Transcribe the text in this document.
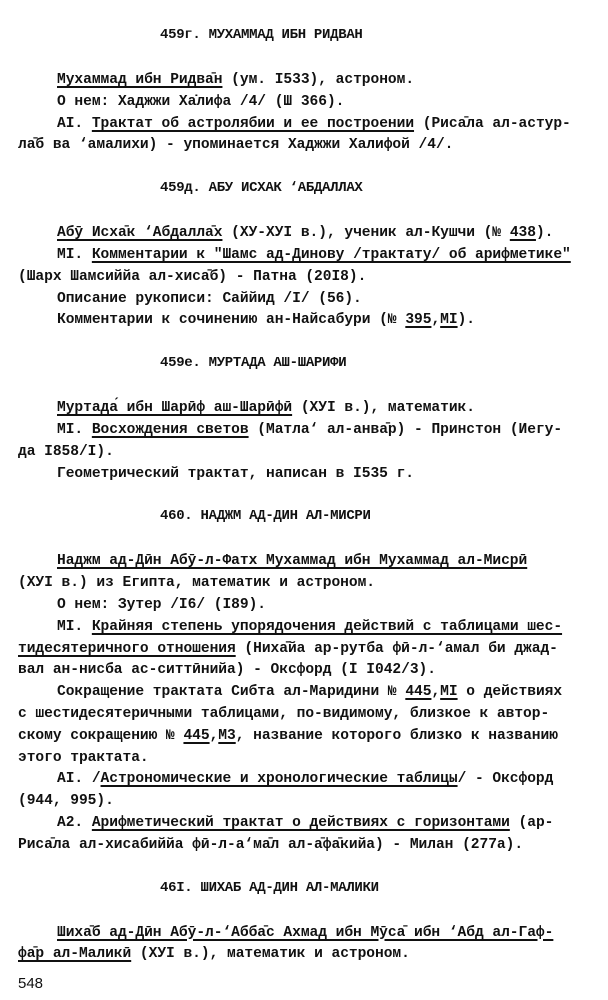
459г. МУХАММАД ИБН РИДВАН
Мухаммад ибн Ридва̄н (ум. I533), астроном.
О нем: Хаджжи Ха̇лифа /4/ (Ш 366).
AI. Трактат об астролябии и ее построении (Риса̄ла ал-астур-
ла̄б ва ‘амалихи) - упоминается Хаджжи Халифой /4/.
459д. АБУ ИСХАК ‘АБДАЛЛАХ
Абӯ Исха̄к ‘Абдалла̄х (ХУ-ХУI в.), ученик ал-Кушчи (№ 438).
MI. Комментарии к "Шамс ад-Динову /трактату/ об арифметике"
(Шарх Шамсиййа ал-хиса̄б) - Патна (20I8).
Описание рукописи: Саййид /I/ (56).
Комментарии к сочинению ан-Найсабури (№ 395,MI).
459е. МУРТАДА АШ-ШАРИФИ
Муртада́ ибн Шарӣф аш-Шарӣфӣ (ХУI в.), математик.
MI. Восхождения светов (Матла‘ ал-анва̄р) - Принстон (Иегу-
да I858/I).
Геометрический трактат, написан в I535 г.
460. НАДЖМ АД-ДИН АЛ-МИСРИ
Наджм ад-Дӣн Абӯ-л-Фатх Мухаммад ибн Мухаммад ал-Мисрӣ
(ХУI в.) из Египта, математик и астроном.
О нем: Зутер /I6/ (I89).
MI. Крайняя степень упорядочения действий с таблицами шес-
тидесятеричного отношения (Ниха̄йа ар-рутба фӣ-л-‘амал би джад-
вал ан-нисба ас-ситтӣнийа) - Оксфорд (I I042/3).
Сокращение трактата Сибта ал-Маридини № 445,MI о действиях
с шестидесятеричными таблицами, по-видимому, близкое к автор-
скому сокращению № 445,M3, название которого близко к названию
этого трактата.
AI. /Астрономические и хронологические таблицы/ - Оксфорд
(944, 995).
A2. Арифметический трактат о действиях с горизонтами (ар-
Риса̄ла ал-хисабиййа фӣ-л-а‘ма̄л ал-а̄фа̄кийа) - Милан (277а).
46I. ШИХАБ АД-ДИН АЛ-МАЛИКИ
Шиха̄б ад-Дӣн Абӯ-л-‘Абба̄с Ахмад ибн Мӯса̄ ибн ‘Абд ал-Гаф-
фа̄р ал-Маликӣ (ХУI в.), математик и астроном.
548
